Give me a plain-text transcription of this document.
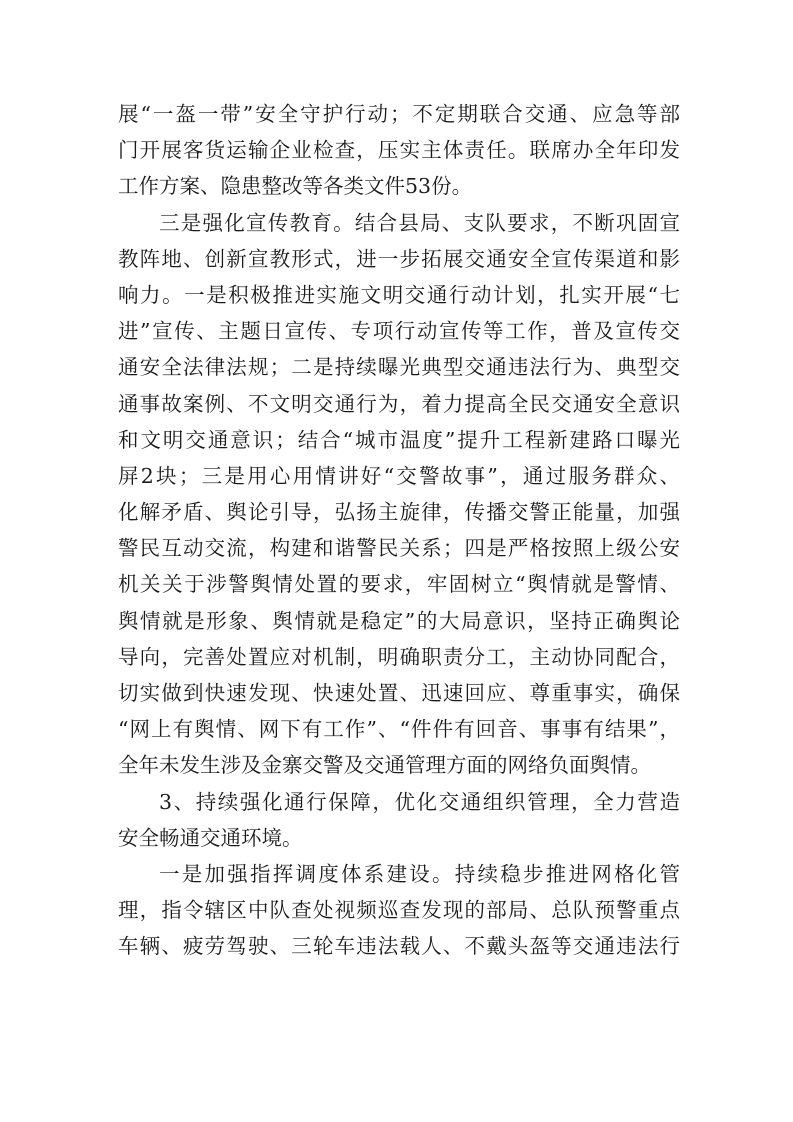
展“一盔一带”安全守护行动；不定期联合交通、应急等部
门开展客货运输企业检查，压实主体责任。联席办全年印发
工作方案、隐患整改等各类文件53份。
三是强化宣传教育。结合县局、支队要求，不断巩固宣
教阵地、创新宣教形式，进一步拓展交通安全宣传渠道和影
响力。一是积极推进实施文明交通行动计划，扎实开展“七
进”宣传、主题日宣传、专项行动宣传等工作，普及宣传交
通安全法律法规；二是持续曝光典型交通违法行为、典型交
通事故案例、不文明交通行为，着力提高全民交通安全意识
和文明交通意识；结合“城市温度”提升工程新建路口曝光
屏2块；三是用心用情讲好“交警故事”，通过服务群众、
化解矛盾、舆论引导，弘扬主旋律，传播交警正能量，加强
警民互动交流，构建和谐警民关系；四是严格按照上级公安
机关关于涉警舆情处置的要求，牢固树立“舆情就是警情、
舆情就是形象、舆情就是稳定”的大局意识，坚持正确舆论
导向，完善处置应对机制，明确职责分工，主动协同配合，
切实做到快速发现、快速处置、迅速回应、尊重事实，确保
“网上有舆情、网下有工作”、“件件有回音、事事有结果”，
全年未发生涉及金寨交警及交通管理方面的网络负面舆情。
3、持续强化通行保障，优化交通组织管理，全力营造
安全畅通交通环境。
一是加强指挥调度体系建设。持续稳步推进网格化管
理，指令辖区中队查处视频巡查发现的部局、总队预警重点
车辆、疲劳驾驶、三轮车违法载人、不戴头盔等交通违法行
